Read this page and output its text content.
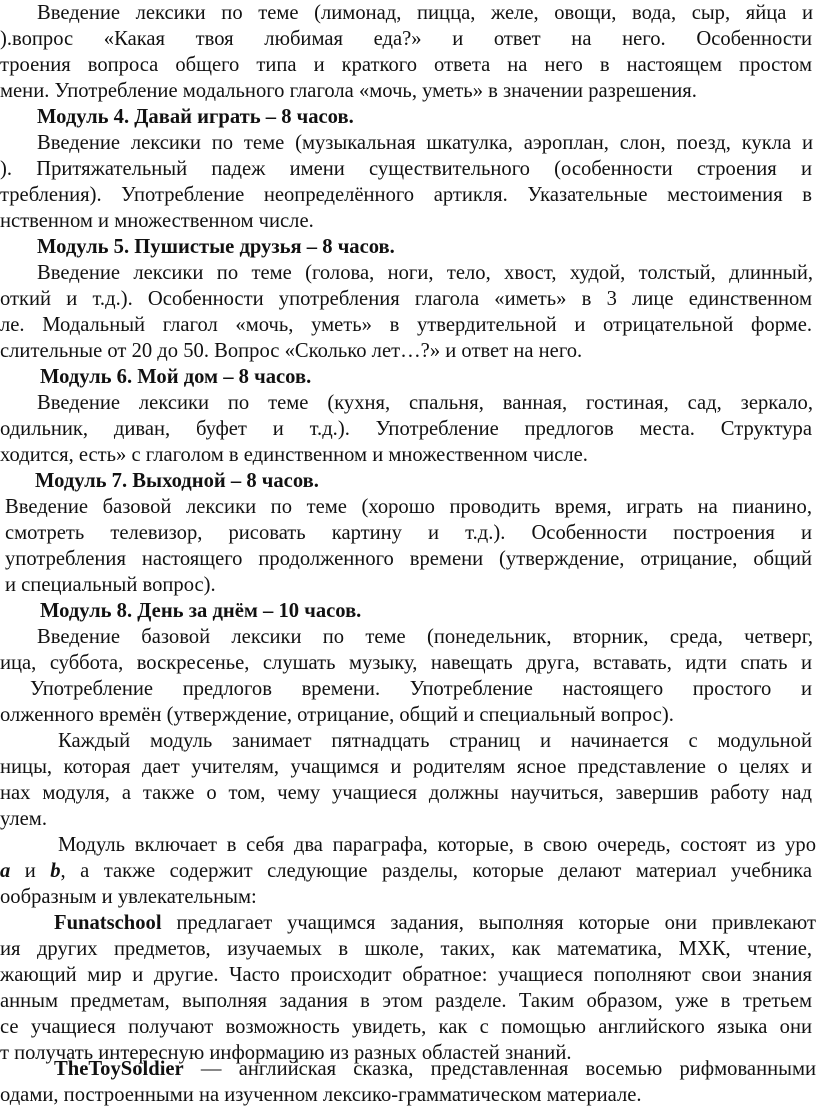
Введение лексики по теме (лимонад, пицца, желе, овощи, вода, сыр, яйца и
).вопрос «Какая твоя любимая еда?» и ответ на него. Особенности
троения вопроса общего типа и краткого ответа на него в настоящем простом
мени. Употребление модального глагола «мочь, уметь» в значении разрешения.
Модуль 4. Давай играть – 8 часов.
Введение лексики по теме (музыкальная шкатулка, аэроплан, слон, поезд, кукла и
). Притяжательный падеж имени существительного (особенности строения и
требления). Употребление неопределённого артикля. Указательные местоимения в
нственном и множественном числе.
Модуль 5. Пушистые друзья – 8 часов.
Введение лексики по теме (голова, ноги, тело, хвост, худой, толстый, длинный,
откий и т.д.). Особенности употребления глагола «иметь» в 3 лице единственном
ле. Модальный глагол «мочь, уметь» в утвердительной и отрицательной форме.
слительные от 20 до 50. Вопрос «Сколько лет…?» и ответ на него.
Модуль 6. Мой дом – 8 часов.
Введение лексики по теме (кухня, спальня, ванная, гостиная, сад, зеркало,
одильник, диван, буфет и т.д.). Употребление предлогов места. Структура
ходится, есть» с глаголом в единственном и множественном числе.
Модуль 7. Выходной – 8 часов.
Введение базовой лексики по теме (хорошо проводить время, играть на пианино,
смотреть телевизор, рисовать картину и т.д.). Особенности построения и
употребления настоящего продолженного времени (утверждение, отрицание, общий
и специальный вопрос).
Модуль 8. День за днём – 10 часов.
Введение базовой лексики по теме (понедельник, вторник, среда, четверг,
ица, суббота, воскресенье, слушать музыку, навещать друга, вставать, идти спать и
Употребление предлогов времени. Употребление настоящего простого и
олженного времён (утверждение, отрицание, общий и специальный вопрос).
Каждый модуль занимает пятнадцать страниц и начинается с модульной
ницы, которая дает учителям, учащимся и родителям ясное представление о целях и
нах модуля, а также о том, чему учащиеся должны научиться, завершив работу над
улем.
Модуль включает в себя два параграфа, которые, в свою очередь, состоят из уро
a и b, а также содержит следующие разделы, которые делают материал учебника
ообразным и увлекательным:
Funatschool предлагает учащимся задания, выполняя которые они привлекают
ия других предметов, изучаемых в школе, таких, как математика, МХК, чтение,
жающий мир и другие. Часто происходит обратное: учащиеся пополняют свои знания
анным предметам, выполняя задания в этом разделе. Таким образом, уже в третьем
се учащиеся получают возможность увидеть, как с помощью английского языка они
т получать интересную информацию из разных областей знаний.
TheToySoldier — английская сказка, представленная восемью рифмованными
одами, построенными на изученном лексико-грамматическом материале.
